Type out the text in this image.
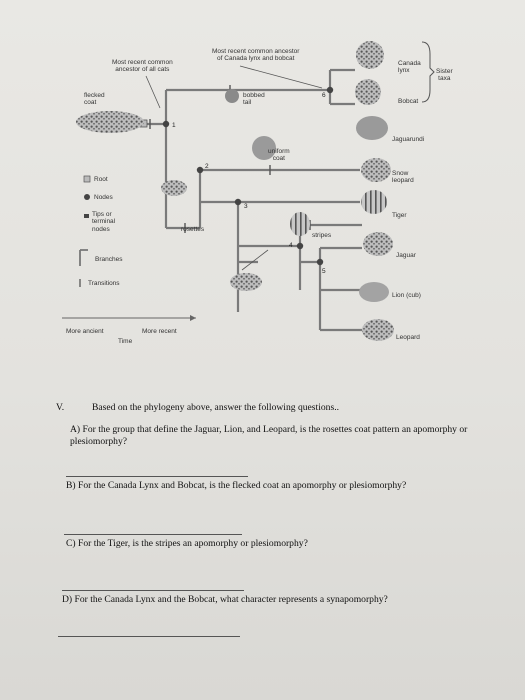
1
2
3
4
5
6
Most recent common
ancestor of all cats
Most recent common ancestor
of Canada lynx and bobcat
flecked
coat
bobbed
tail
uniform
coat
rosettes
stripes
Canada
lynx
Bobcat
Jaguarundi
Snow
leopard
Tiger
Jaguar
Lion (cub)
Leopard
Sister
taxa
Root
Nodes
Tips or
terminal
nodes
Branches
Transitions
More ancient	More recent
Time
V.	Based on the phylogeny above, answer the following questions..
A) For the group that define the Jaguar, Lion, and Leopard, is the rosettes coat pattern an apomorphy or plesiomorphy?
B) For the Canada Lynx and Bobcat, is the flecked coat an apomorphy or plesiomorphy?
C) For the Tiger, is the stripes an apomorphy or plesiomorphy?
D) For the Canada Lynx and the Bobcat, what character represents a synapomorphy?
